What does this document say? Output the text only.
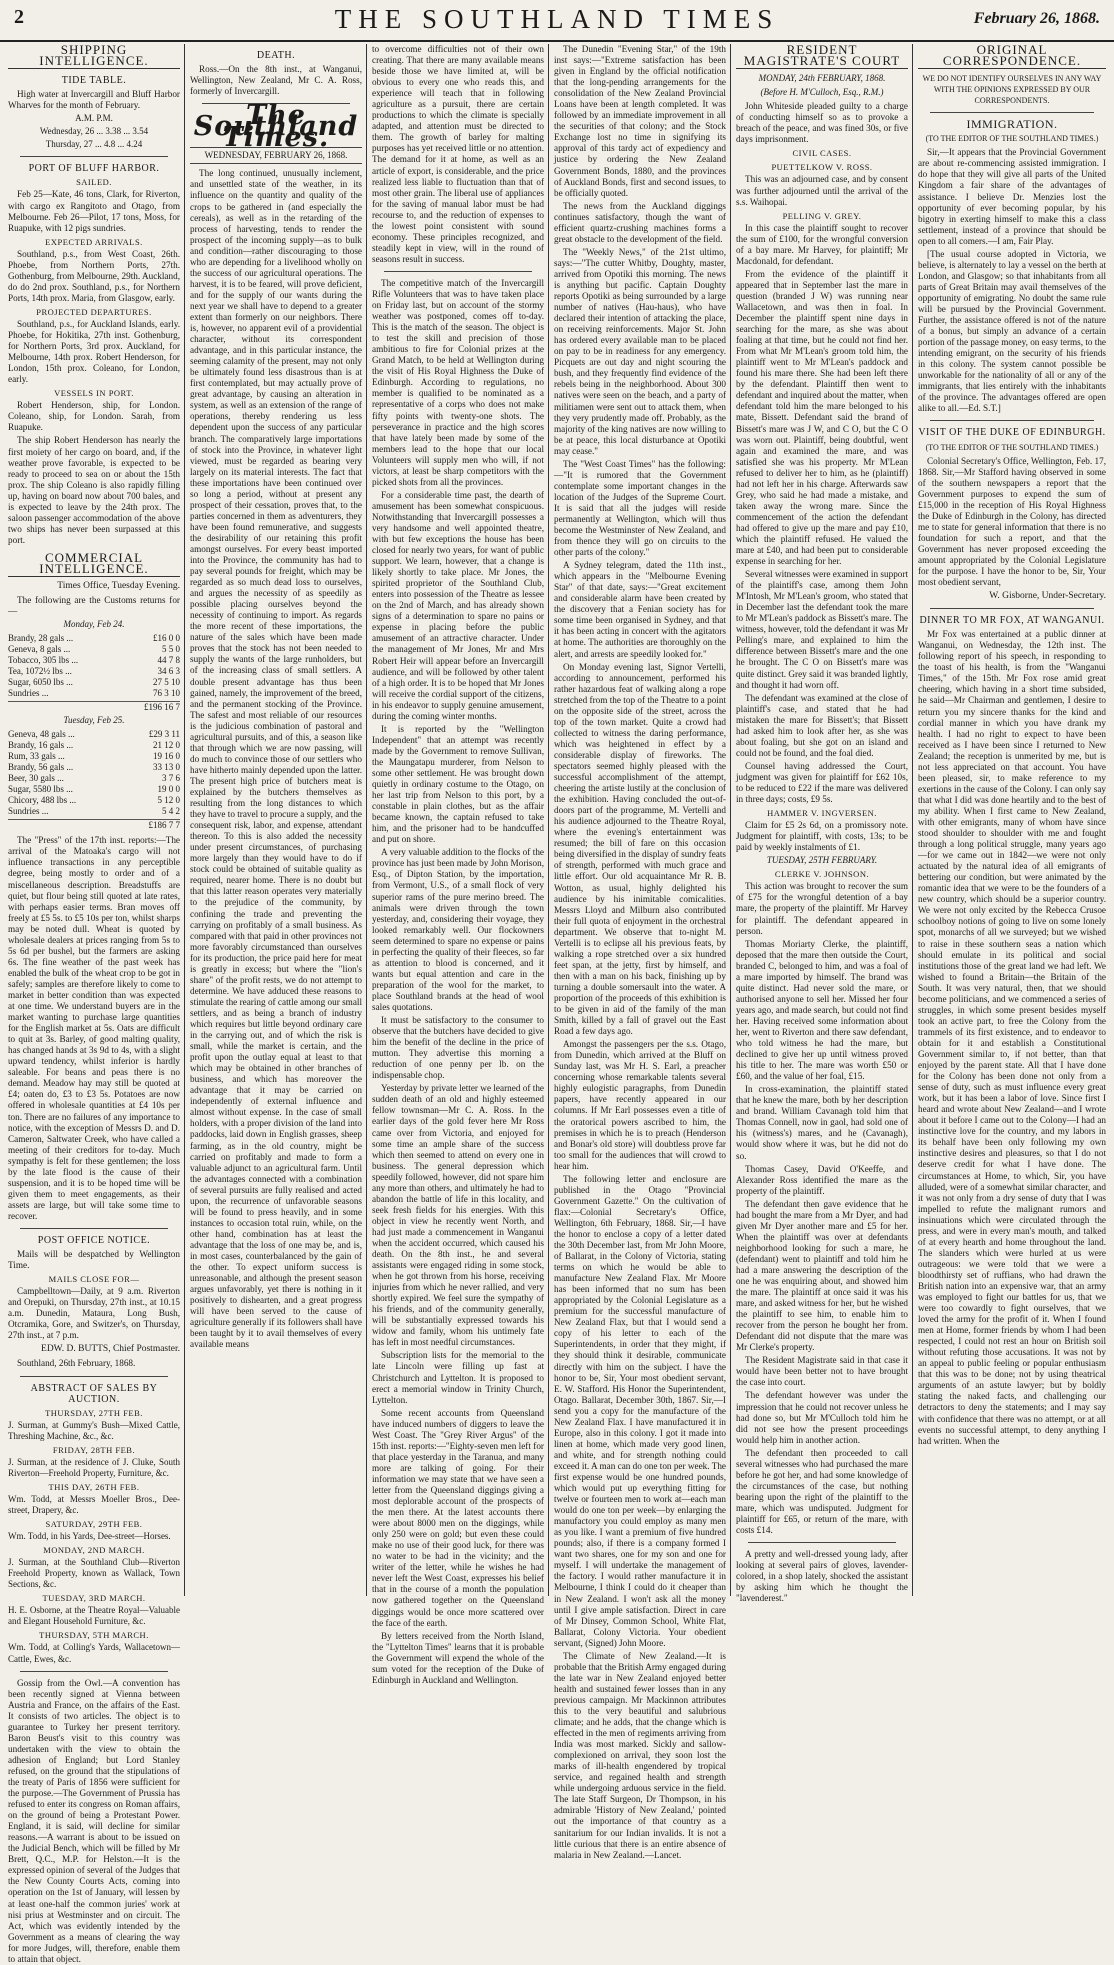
2	THE SOUTHLAND TIMES	February 26, 1868.
SHIPPING INTELLIGENCE.
TIDE TABLE.

High water at Invercargill and Bluff Harbor Wharves for the month of February.

A.M. P.M.
Wednesday, 26 ... 3.38 ... 3.54
Thursday, 27 ... 4.8 ... 4.24
PORT OF BLUFF HARBOR.
SAILED.

Feb 25—Kate, 46 tons, Clark, for Riverton, with cargo ex Rangitoto and Otago, from Melbourne. Feb 26—Pilot, 17 tons, Moss, for Ruapuke, with 12 pigs sundries.

EXPECTED ARRIVALS.

Southland, p.s., from West Coast, 26th. Phoebe, from Northern Ports, 27th. Gothenburg, from Melbourne, 29th. Auckland, do do 2nd prox. Southland, p.s., for Northern Ports, 14th prox. Maria, from Glasgow, early.

PROJECTED DEPARTURES.

Southland, p.s., for Auckland Islands, early. Phoebe, for Hokitika, 27th inst. Gothenburg, for Northern Ports, 3rd prox. Auckland, for Melbourne, 14th prox. Robert Henderson, for London, 15th prox. Coleano, for London, early.

VESSELS IN PORT.

Robert Henderson, ship, for London. Coleano, ship, for London. Sarah, from Ruapuke.

The ship Robert Henderson has nearly the first moiety of her cargo on board, and, if the weather prove favorable, is expected to be ready to proceed to sea on or about the 15th prox. The ship Coleano is also rapidly filling up, having on board now about 700 bales, and is expected to leave by the 24th prox. The saloon passenger accommodation of the above two ships has never been surpassed at this port.

COMMERCIAL INTELLIGENCE.
Times Office, Tuesday Evening.

The following are the Customs returns for—

Monday, Feb 24.
Brandy, 28 gals ...	£16 0 0
Geneva, 8 gals ...	5 5 0
Tobacco, 305 lbs ...	44 7 8
Tea, 1072½ lbs ...	34 6 3
Sugar, 6050 lbs ...	27 5 10
Sundries ...	76 3 10
£196 16 7
Tuesday, Feb 25.
Geneva, 48 gals ...	£29 3 11
Brandy, 16 gals ...	21 12 0
Rum, 33 gals ...	19 16 0
Brandy, 56 gals ...	33 13 0
Beer, 30 gals ...	3 7 6
Sugar, 5580 lbs ...	19 0 0
Chicory, 488 lbs ...	5 12 0
Sundries ...	5 4 2
£186 7 7

The "Press" of the 17th inst. reports:—The arrival of the Matoaka's cargo will not influence transactions in any perceptible degree, being mostly to order and of a miscellaneous description. Breadstuffs are quiet, but flour being still quoted at late rates, with perhaps easier terms. Bran moves off freely at £5 5s. to £5 10s per ton, whilst sharps may be noted dull. Wheat is quoted by wholesale dealers at prices ranging from 5s to 5s 6d per bushel, but the farmers are asking 6s. The fine weather of the past week has enabled the bulk of the wheat crop to be got in safely; samples are therefore likely to come to market in better condition than was expected at one time. We understand buyers are in the market wanting to purchase large quantities for the English market at 5s. Oats are difficult to quit at 3s. Barley, of good malting quality, has changed hands at 3s 9d to 4s, with a slight upward tendency, whilst inferior is hardly saleable. For beans and peas there is no demand. Meadow hay may still be quoted at £4; oaten do, £3 to £3 5s. Potatoes are now offered in wholesale quantities at £4 10s per ton. There are no failures of any importance to notice, with the exception of Messrs D. and D. Cameron, Saltwater Creek, who have called a meeting of their creditors for to-day. Much sympathy is felt for these gentlemen; the loss by the late flood is the cause of their suspension, and it is to be hoped time will be given them to meet engagements, as their assets are large, but will take some time to recover.

POST OFFICE NOTICE.

Mails will be despatched by Wellington Time.

MAILS CLOSE FOR—

Campbelltown—Daily, at 9 a.m. Riverton and Orepuki, on Thursday, 27th inst., at 10.15 a.m. Dunedin, Mataura, Long Bush, Otcramika, Gore, and Switzer's, on Thursday, 27th inst., at 7 p.m.

EDW. D. BUTTS, Chief Postmaster.

Southland, 26th February, 1868.

ABSTRACT OF SALES BY AUCTION.
THURSDAY, 27TH FEB.

J. Surman, at Gummy's Bush—Mixed Cattle, Threshing Machine, &c., &c.

FRIDAY, 28TH FEB.

J. Surman, at the residence of J. Cluke, South Riverton—Freehold Property, Furniture, &c.

THIS DAY, 26TH FEB.

Wm. Todd, at Messrs Moeller Bros., Dee-street, Drapery, &c.

SATURDAY, 29TH FEB.

Wm. Todd, in his Yards, Dee-street—Horses.

MONDAY, 2ND MARCH.

J. Surman, at the Southland Club—Riverton Freehold Property, known as Wallack, Town Sections, &c.

TUESDAY, 3RD MARCH.

H. E. Osborne, at the Theatre Royal—Valuable and Elegant Household Furniture, &c.

THURSDAY, 5TH MARCH.

Wm. Todd, at Colling's Yards, Wallacetown—Cattle, Ewes, &c.

Gossip from the Owl.—A convention has been recently signed at Vienna between Austria and France, on the affairs of the East. It consists of two articles. The object is to guarantee to Turkey her present territory. Baron Beust's visit to this country was undertaken with the view to obtain the adhesion of England; but Lord Stanley refused, on the ground that the stipulations of the treaty of Paris of 1856 were sufficient for the purpose.—The Government of Prussia has refused to enter its congress on Roman affairs, on the ground of being a Protestant Power. England, it is said, will decline for similar reasons.—A warrant is about to be issued on the Judicial Bench, which will be filled by Mr Brett, Q.C., M.P. for Helston.—It is the expressed opinion of several of the Judges that the New County Courts Acts, coming into operation on the 1st of January, will lessen by at least one-half the common juries' work at nisi prius at Westminster and on circuit. The Act, which was evidently intended by the Government as a means of clearing the way for more Judges, will, therefore, enable them to attain that object.

DEATH.

Ross.—On the 8th inst., at Wanganui, Wellington, New Zealand, Mr C. A. Ross, formerly of Invercargill.

The Southland Times.
WEDNESDAY, FEBRUARY 26, 1868.

The long continued, unusually inclement, and unsettled state of the weather, in its influence on the quantity and quality of the crops to be gathered in (and especially the cereals), as well as in the retarding of the process of harvesting, tends to render the prospect of the incoming supply—as to bulk and condition—rather discouraging to those who are depending for a livelihood wholly on the success of our agricultural operations. The harvest, it is to be feared, will prove deficient, and for the supply of our wants during the next year we shall have to depend to a greater extent than formerly on our neighbors. There is, however, no apparent evil of a providential character, without its correspondent advantage, and in this particular instance, the seeming calamity of the present, may not only be ultimately found less disastrous than is at first contemplated, but may actually prove of great advantage, by causing an alteration in system, as well as an extension of the range of operations, thereby rendering us less dependent upon the success of any particular branch. The comparatively large importations of stock into the Province, in whatever light viewed, must be regarded as bearing very largely on its material interests. The fact that these importations have been continued over so long a period, without at present any prospect of their cessation, proves that, to the parties concerned in them as adventurers, they have been found remunerative, and suggests the desirability of our retaining this profit amongst ourselves. For every beast imported into the Province, the community has had to pay several pounds for freight, which may be regarded as so much dead loss to ourselves, and argues the necessity of as speedily as possible placing ourselves beyond the necessity of continuing to import. As regards the more recent of these importations, the nature of the sales which have been made proves that the stock has not been needed to supply the wants of the large runholders, but of the increasing class of small settlers. A double present advantage has thus been gained, namely, the improvement of the breed, and the permanent stocking of the Province. The safest and most reliable of our resources is the judicious combination of pastoral and agricultural pursuits, and of this, a season like that through which we are now passing, will do much to convince those of our settlers who have hitherto mainly depended upon the latter. The present high price of butchers meat is explained by the butchers themselves as resulting from the long distances to which they have to travel to procure a supply, and the consequent risk, labor, and expense, attendant thereon. To this is also added the necessity under present circumstances, of purchasing more largely than they would have to do if stock could be obtained of suitable quality as required, nearer home. There is no doubt but that this latter reason operates very materially to the prejudice of the community, by confining the trade and preventing the carrying on profitably of a small business. As compared with that paid in other provinces not more favorably circumstanced than ourselves for its production, the price paid here for meat is greatly in excess; but where the "lion's share" of the profit rests, we do not attempt to determine. We have adduced these reasons to stimulate the rearing of cattle among our small settlers, and as being a branch of industry which requires but little beyond ordinary care in the carrying out, and of which the risk is small, while the market is certain, and the profit upon the outlay equal at least to that which may be obtained in other branches of business, and which has moreover the advantage that it may be carried on independently of external influence and almost without expense. In the case of small holders, with a proper division of the land into paddocks, laid down in English grasses, sheep farming, as in the old country, might be carried on profitably and made to form a valuable adjunct to an agricultural farm. Until the advantages connected with a combination of several pursuits are fully realised and acted upon, the recurrence of unfavorable seasons will be found to press heavily, and in some instances to occasion total ruin, while, on the other hand, combination has at least the advantage that the loss of one may be, and is, in most cases, counterbalanced by the gain of the other. To expect uniform success is unreasonable, and although the present season argues unfavorably, yet there is nothing in it positively to dishearten, and a great progress will have been served to the cause of agriculture generally if its followers shall have been taught by it to avail themselves of every available means

to overcome difficulties not of their own creating. That there are many available means beside those we have limited at, will be obvious to every one who reads this, and experience will teach that in following agriculture as a pursuit, there are certain productions to which the climate is specially adapted, and attention must be directed to them. The growth of barley for malting purposes has yet received little or no attention. The demand for it at home, as well as an article of export, is considerable, and the price realized less liable to fluctuation than that of most other grain. The liberal use of appliances for the saving of manual labor must be had recourse to, and the reduction of expenses to the lowest point consistent with sound economy. These principles recognized, and steadily kept in view, will in the round of seasons result in success.

The competitive match of the Invercargill Rifle Volunteers that was to have taken place on Friday last, but on account of the stormy weather was postponed, comes off to-day. This is the match of the season. The object is to test the skill and precision of those ambitious to fire for Colonial prizes at the Grand Match, to be held at Wellington during the visit of His Royal Highness the Duke of Edinburgh. According to regulations, no member is qualified to be nominated as a representative of a corps who does not make fifty points with twenty-one shots. The perseverance in practice and the high scores that have lately been made by some of the members lead to the hope that our local Volunteers will supply men who will, if not victors, at least be sharp competitors with the picked shots from all the provinces.

For a considerable time past, the dearth of amusement has been somewhat conspicuous. Notwithstanding that Invercargill possesses a very handsome and well appointed theatre, with but few exceptions the house has been closed for nearly two years, for want of public support. We learn, however, that a change is likely shortly to take place. Mr Jones, the spirited proprietor of the Southland Club, enters into possession of the Theatre as lessee on the 2nd of March, and has already shown signs of a determination to spare no pains or expense in placing before the public amusement of an attractive character. Under the management of Mr Jones, Mr and Mrs Robert Heir will appear before an Invercargill audience, and will be followed by other talent of a high order. It is to be hoped that Mr Jones will receive the cordial support of the citizens, in his endeavor to supply genuine amusement, during the coming winter months.

It is reported by the "Wellington Independent" that an attempt was recently made by the Government to remove Sullivan, the Maungatapu murderer, from Nelson to some other settlement. He was brought down quietly in ordinary costume to the Otago, on her last trip from Nelson to this port, by a constable in plain clothes, but as the affair became known, the captain refused to take him, and the prisoner had to be handcuffed and put on shore.

A very valuable addition to the flocks of the province has just been made by John Morison, Esq., of Dipton Station, by the importation, from Vermont, U.S., of a small flock of very superior rams of the pure merino breed. The animals were driven through the town yesterday, and, considering their voyage, they looked remarkably well. Our flockowners seem determined to spare no expense or pains in perfecting the quality of their fleeces, so far as attention to blood is concerned, and it wants but equal attention and care in the preparation of the wool for the market, to place Southland brands at the head of wool sales quotations.

It must be satisfactory to the consumer to observe that the butchers have decided to give him the benefit of the decline in the price of mutton. They advertise this morning a reduction of one penny per lb. on the indispensable chop.

Yesterday by private letter we learned of the sudden death of an old and highly esteemed fellow townsman—Mr C. A. Ross. In the earlier days of the gold fever here Mr Ross came over from Victoria, and enjoyed for some time an ample share of the success which then seemed to attend on every one in business. The general depression which speedily followed, however, did not spare him any more than others, and ultimately he had to abandon the battle of life in this locality, and seek fresh fields for his energies. With this object in view he recently went North, and had just made a commencement in Wanganui when the accident occurred, which caused his death. On the 8th inst., he and several assistants were engaged riding in some stock, when he got thrown from his horse, receiving injuries from which he never rallied, and very shortly expired. We feel sure the sympathy of his friends, and of the community generally, will be substantially expressed towards his widow and family, whom his untimely fate has left in most needful circumstances.

Subscription lists for the memorial to the late Lincoln were filling up fast at Christchurch and Lyttelton. It is proposed to erect a memorial window in Trinity Church, Lyttelton.

Some recent accounts from Queensland have induced numbers of diggers to leave the West Coast. The "Grey River Argus" of the 15th inst. reports:—"Eighty-seven men left for that place yesterday in the Taranua, and many more are talking of going. For their information we may state that we have seen a letter from the Queensland diggings giving a most deplorable account of the prospects of the men there. At the latest accounts there were about 8000 men on the diggings, while only 250 were on gold; but even these could make no use of their good luck, for there was no water to be had in the vicinity; and the writer of the letter, while he wishes he had never left the West Coast, expresses his belief that in the course of a month the population now gathered together on the Queensland diggings would be once more scattered over the face of the earth.

By letters received from the North Island, the "Lyttelton Times" learns that it is probable the Government will expend the whole of the sum voted for the reception of the Duke of Edinburgh in Auckland and Wellington.

The Dunedin "Evening Star," of the 19th inst says:—"Extreme satisfaction has been given in England by the official notification that the long-pending arrangements for the consolidation of the New Zealand Provincial Loans have been at length completed. It was followed by an immediate improvement in all the securities of that colony; and the Stock Exchange lost no time in signifying its approval of this tardy act of expediency and justice by ordering the New Zealand Government Bonds, 1880, and the provinces of Auckland Bonds, first and second issues, to be officially quoted.

The news from the Auckland diggings continues satisfactory, though the want of efficient quartz-crushing machines forms a great obstacle to the development of the field.

The "Weekly News," of the 21st ultimo, says:—"The cutter Whitby, Doughty, master, arrived from Opotiki this morning. The news is anything but pacific. Captain Doughty reports Opotiki as being surrounded by a large number of natives (Hau-haus), who have declared their intention of attacking the place, on receiving reinforcements. Major St. John has ordered every available man to be placed on pay to be in readiness for any emergency. Picquets are out day and night scouring the bush, and they frequently find evidence of the rebels being in the neighborhood. About 300 natives were seen on the beach, and a party of militiamen were sent out to attack them, when they very prudently made off. Probably, as the majority of the king natives are now willing to be at peace, this local disturbance at Opotiki may cease."

The "West Coast Times" has the following:—"It is rumored that the Government contemplate some important changes in the location of the Judges of the Supreme Court. It is said that all the judges will reside permanently at Wellington, which will thus become the Westminster of New Zealand, and from thence they will go on circuits to the other parts of the colony."

A Sydney telegram, dated the 11th inst., which appears in the "Melbourne Evening Star" of that date, says:—"Great excitement and considerable alarm have been created by the discovery that a Fenian society has for some time been organised in Sydney, and that it has been acting in concert with the agitators at home. The authorities are thoroughly on the alert, and arrests are speedily looked for."

On Monday evening last, Signor Vertelli, according to announcement, performed his rather hazardous feat of walking along a rope stretched from the top of the Theatre to a point on the opposite side of the street, across the top of the town market. Quite a crowd had collected to witness the daring performance, which was heightened in effect by a considerable display of fireworks. The spectators seemed highly pleased with the successful accomplishment of the attempt, cheering the artiste lustily at the conclusion of the exhibition. Having concluded the out-of-doors part of the programme, M. Vertelli and his audience adjourned to the Theatre Royal, where the evening's entertainment was resumed; the bill of fare on this occasion being diversified in the display of sundry feats of strength, performed with much grace and little effort. Our old acquaintance Mr R. B. Wotton, as usual, highly delighted his audience by his inimitable comicalities. Messrs Lloyd and Milburn also contributed their full quota of enjoyment in the orchestral department. We observe that to-night M. Vertelli is to eclipse all his previous feats, by walking a rope stretched over a six hundred feet span, at the jetty, first by himself, and then with a man on his back, finishing up by turning a double somersault into the water. A proportion of the proceeds of this exhibition is to be given in aid of the family of the man Smith, killed by a fall of gravel out the East Road a few days ago.

Amongst the passengers per the s.s. Otago, from Dunedin, which arrived at the Bluff on Sunday last, was Mr H. S. Earl, a preacher concerning whose remarkable talents several highly eulogistic paragraphs, from Dunedin papers, have recently appeared in our columns. If Mr Earl possesses even a title of the oratorical powers ascribed to him, the premises in which he is to preach (Henderson and Bonar's old store) will doubtless prove far too small for the audiences that will crowd to hear him.

The following letter and enclosure are published in the Otago "Provincial Government Gazette." On the cultivation of flax:—Colonial Secretary's Office, Wellington, 6th February, 1868. Sir,—I have the honor to enclose a copy of a letter dated the 30th December last, from Mr John Moore, of Ballarat, in the Colony of Victoria, stating terms on which he would be able to manufacture New Zealand Flax. Mr Moore has been informed that no sum has been appropriated by the Colonial Legislature as a premium for the successful manufacture of New Zealand Flax, but that I would send a copy of his letter to each of the Superintendents, in order that they might, if they should think it desirable, communicate directly with him on the subject. I have the honor to be, Sir, Your most obedient servant, E. W. Stafford. His Honor the Superintendent, Otago. Ballarat, December 30th, 1867. Sir,—I send you a copy for the manufacture of the New Zealand Flax. I have manufactured it in Europe, also in this colony. I got it made into linen at home, which made very good linen, and white, and for strength nothing could exceed it. A man can do one ton per week. The first expense would be one hundred pounds, which would put up everything fitting for twelve or fourteen men to work at—each man would do one ton per week—by enlarging the manufactory you could employ as many men as you like. I want a premium of five hundred pounds; also, if there is a company formed I want two shares, one for my son and one for myself. I will undertake the management of the factory. I would rather manufacture it in Melbourne, I think I could do it cheaper than in New Zealand. I won't ask all the money until I give ample satisfaction. Direct in care of Mr Dinsey, Common School, White Flat, Ballarat, Colony Victoria. Your obedient servant, (Signed) John Moore.

The Climate of New Zealand.—It is probable that the British Army engaged during the late war in New Zealand enjoyed better health and sustained fewer losses than in any previous campaign. Mr Mackinnon attributes this to the very beautiful and salubrious climate; and he adds, that the change which is effected in the men of regiments arriving from India was most marked. Sickly and sallow-complexioned on arrival, they soon lost the marks of ill-health engendered by tropical service, and regained health and strength while undergoing arduous service in the field. The late Staff Surgeon, Dr Thompson, in his admirable 'History of New Zealand,' pointed out the importance of that country as a sanitarium for our Indian invalids. It is not a little curious that there is an entire absence of malaria in New Zealand.—Lancet.

RESIDENT MAGISTRATE'S COURT
MONDAY, 24th FEBRUARY, 1868.
(Before H. M'Culloch, Esq., R.M.)

John Whiteside pleaded guilty to a charge of conducting himself so as to provoke a breach of the peace, and was fined 30s, or five days imprisonment.

CIVIL CASES.
PUETTELKOW V. ROSS.

This was an adjourned case, and by consent was further adjourned until the arrival of the s.s. Waihopai.

PELLING V. GREY.

In this case the plaintiff sought to recover the sum of £100, for the wrongful conversion of a bay mare. Mr Harvey, for plaintiff; Mr Macdonald, for defendant.

From the evidence of the plaintiff it appeared that in September last the mare in question (branded J W) was running near Wallacetown, and was then in foal. In December the plaintiff spent nine days in searching for the mare, as she was about foaling at that time, but he could not find her. From what Mr M'Lean's groom told him, the plaintiff went to Mr M'Lean's paddock and found his mare there. She had been left there by the defendant. Plaintiff then went to defendant and inquired about the matter, when defendant told him the mare belonged to his mate, Bissett. Defendant said the brand of Bissett's mare was J W, and C O, but the C O was worn out. Plaintiff, being doubtful, went again and examined the mare, and was satisfied she was his property. Mr M'Lean refused to deliver her to him, as he (plaintiff) had not left her in his charge. Afterwards saw Grey, who said he had made a mistake, and taken away the wrong mare. Since the commencement of the action the defendant had offered to give up the mare and pay £10, which the plaintiff refused. He valued the mare at £40, and had been put to considerable expense in searching for her.

Several witnesses were examined in support of the plaintiff's case, among them John M'Intosh, Mr M'Lean's groom, who stated that in December last the defendant took the mare to Mr M'Lean's paddock as Bissett's mare. The witness, however, told the defendant it was Mr Pelling's mare, and explained to him the difference between Bissett's mare and the one he brought. The C O on Bissett's mare was quite distinct. Grey said it was branded lightly, and thought it had worn off.

The defendant was examined at the close of plaintiff's case, and stated that he had mistaken the mare for Bissett's; that Bissett had asked him to look after her, as she was about foaling, but she got on an island and could not be found, and the foal died.

Counsel having addressed the Court, judgment was given for plaintiff for £62 10s, to be reduced to £22 if the mare was delivered in three days; costs, £9 5s.

HAMMER V. INGVERSEN.

Claim for £5 2s 6d, on a promissory note. Judgment for plaintiff, with costs, 13s; to be paid by weekly instalments of £1.

TUESDAY, 25TH FEBRUARY.
CLERKE V. JOHNSON.

This action was brought to recover the sum of £75 for the wrongful detention of a bay mare, the property of the plaintiff. Mr Harvey for plaintiff. The defendant appeared in person.

Thomas Moriarty Clerke, the plaintiff, deposed that the mare then outside the Court, branded C, belonged to him, and was a foal of a mare imported by himself. The brand was quite distinct. Had never sold the mare, or authorised anyone to sell her. Missed her four years ago, and made search, but could not find her. Having received some information about her, went to Riverton and there saw defendant, who told witness he had the mare, but declined to give her up until witness proved his title to her. The mare was worth £50 or £60, and the value of her foal, £15.

In cross-examination, the plaintiff stated that he knew the mare, both by her description and brand. William Cavanagh told him that Thomas Connell, now in gaol, had sold one of his (witness's) mares, and he (Cavanagh), would show where it was, but he did not do so.

Thomas Casey, David O'Keeffe, and Alexander Ross identified the mare as the property of the plaintiff.

The defendant then gave evidence that he had bought the mare from a Mr Dyer, and had given Mr Dyer another mare and £5 for her. When the plaintiff was over at defendants neighborhood looking for such a mare, he (defendant) went to plaintiff and told him he had a mare answering the description of the one he was enquiring about, and showed him the mare. The plaintiff at once said it was his mare, and asked witness for her, but he wished the plaintiff to see him, to enable him to recover from the person he bought her from. Defendant did not dispute that the mare was Mr Clerke's property.

The Resident Magistrate said in that case it would have been better not to have brought the case into court.

The defendant however was under the impression that he could not recover unless he had done so, but Mr M'Culloch told him he did not see how the present proceedings would help him in another action.

The defendant then proceeded to call several witnesses who had purchased the mare before he got her, and had some knowledge of the circumstances of the case, but nothing bearing upon the right of the plaintiff to the mare, which was undisputed. Judgment for plaintiff for £65, or return of the mare, with costs £14.

A pretty and well-dressed young lady, after looking at several pairs of gloves, lavender-colored, in a shop lately, shocked the assistant by asking him which he thought the "lavenderest."

ORIGINAL CORRESPONDENCE.
WE DO NOT IDENTIFY OURSELVES IN ANY WAY WITH THE OPINIONS EXPRESSED BY OUR CORRESPONDENTS.
IMMIGRATION.
(TO THE EDITOR OF THE SOUTHLAND TIMES.)

Sir,—It appears that the Provincial Government are about re-commencing assisted immigration. I do hope that they will give all parts of the United Kingdom a fair share of the advantages of assistance. I believe Dr. Menzies lost the opportunity of ever becoming popular, by his bigotry in exerting himself to make this a class settlement, instead of a province that should be open to all comers.—I am, Fair Play.

[The usual course adopted in Victoria, we believe, is alternately to lay a vessel on the berth at London, and Glasgow; so that inhabitants from all parts of Great Britain may avail themselves of the opportunity of emigrating. No doubt the same rule will be pursued by the Provincial Government. Further, the assistance offered is not of the nature of a bonus, but simply an advance of a certain portion of the passage money, on easy terms, to the intending emigrant, on the security of his friends in this colony. The system cannot possible be unworkable for the nationality of all or any of the immigrants, that lies entirely with the inhabitants of the province. The advantages offered are open alike to all.—Ed. S.T.]

VISIT OF THE DUKE OF EDINBURGH.
(TO THE EDITOR OF THE SOUTHLAND TIMES.)

Colonial Secretary's Office, Wellington, Feb. 17, 1868. Sir,—Mr Stafford having observed in some of the southern newspapers a report that the Government purposes to expend the sum of £15,000 in the reception of His Royal Highness the Duke of Edinburgh in the Colony, has directed me to state for general information that there is no foundation for such a report, and that the Government has never proposed exceeding the amount appropriated by the Colonial Legislature for the purpose. I have the honor to be, Sir, Your most obedient servant,

W. Gisborne, Under-Secretary.
DINNER TO MR FOX, AT WANGANUI.

Mr Fox was entertained at a public dinner at Wanganui, on Wednesday, the 12th inst. The following report of his speech, in responding to the toast of his health, is from the "Wanganui Times," of the 15th. Mr Fox rose amid great cheering, which having in a short time subsided, he said—Mr Chairman and gentlemen, I desire to return you my sincere thanks for the kind and cordial manner in which you have drank my health. I had no right to expect to have been received as I have been since I returned to New Zealand; the reception is unmerited by me, but is not less appreciated on that account. You have been pleased, sir, to make reference to my exertions in the cause of the Colony. I can only say that what I did was done heartily and to the best of my ability. When I first came to New Zealand, with other emigrants, many of whom have since stood shoulder to shoulder with me and fought through a long political struggle, many years ago—for we came out in 1842—we were not only actuated by the natural idea of all emigrants of bettering our condition, but were animated by the romantic idea that we were to be the founders of a new country, which should be a superior country. We were not only excited by the Rebecca Crusoe schoolboy notions of going to live on some lonely spot, monarchs of all we surveyed; but we wished to raise in these southern seas a nation which should emulate in its political and social institutions those of the great land we had left. We wished to found a Britain—the Britain of the South. It was very natural, then, that we should become politicians, and we commenced a series of struggles, in which some present besides myself took an active part, to free the Colony from the trammels of its first existence, and to endeavor to obtain for it and establish a Constitutional Government similar to, if not better, than that enjoyed by the parent state. All that I have done for the Colony has been done not only from a sense of duty, such as must influence every great work, but it has been a labor of love. Since first I heard and wrote about New Zealand—and I wrote about it before I came out to the Colony—I had an instinctive love for the country, and my labors in its behalf have been only following my own instinctive desires and pleasures, so that I do not deserve credit for what I have done. The circumstances at Home, to which, Sir, you have alluded, were of a somewhat similar character, and it was not only from a dry sense of duty that I was impelled to refute the malignant rumors and insinuations which were circulated through the press, and were in every man's mouth, and talked of at every hearth and home throughout the land. The slanders which were hurled at us were outrageous: we were told that we were a bloodthirsty set of ruffians, who had drawn the British nation into an expensive war, that an army was employed to fight our battles for us, that we were too cowardly to fight ourselves, that we loved the army for the profit of it. When I found men at Home, former friends by whom I had been respected, I could not rest an hour on British soil without refuting those accusations. It was not by an appeal to public feeling or popular enthusiasm that this was to be done; not by using theatrical arguments of an astute lawyer; but by boldly stating the naked facts, and challenging our detractors to deny the statements; and I may say with confidence that there was no attempt, or at all events no successful attempt, to deny anything I had written. When the
